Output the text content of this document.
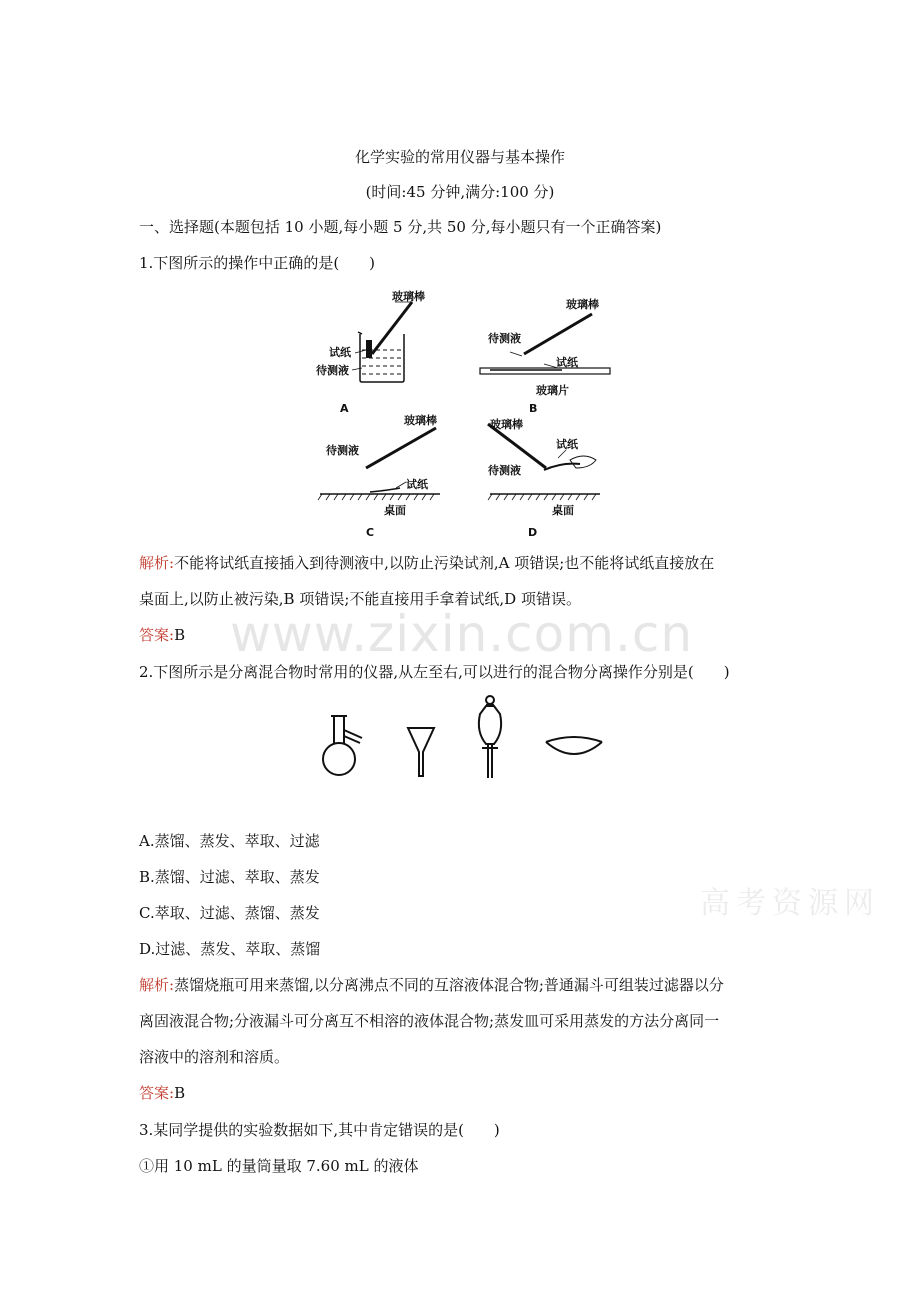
www.zixin.com.cn
高考资源网
化学实验的常用仪器与基本操作
(时间:45 分钟,满分:100 分)
一、选择题(本题包括 10 小题,每小题 5 分,共 50 分,每小题只有一个正确答案)
1.下图所示的操作中正确的是(　　)
玻璃棒
试纸
待测液
A
玻璃棒
待测液
试纸
玻璃片
B
玻璃棒
待测液
试纸
桌面
C
玻璃棒
待测液
试纸
桌面
D
解析:不能将试纸直接插入到待测液中,以防止污染试剂,A 项错误;也不能将试纸直接放在
桌面上,以防止被污染,B 项错误;不能直接用手拿着试纸,D 项错误。
答案:B
2.下图所示是分离混合物时常用的仪器,从左至右,可以进行的混合物分离操作分别是(　　)
A.蒸馏、蒸发、萃取、过滤
B.蒸馏、过滤、萃取、蒸发
C.萃取、过滤、蒸馏、蒸发
D.过滤、蒸发、萃取、蒸馏
解析:蒸馏烧瓶可用来蒸馏,以分离沸点不同的互溶液体混合物;普通漏斗可组装过滤器以分
离固液混合物;分液漏斗可分离互不相溶的液体混合物;蒸发皿可采用蒸发的方法分离同一
溶液中的溶剂和溶质。
答案:B
3.某同学提供的实验数据如下,其中肯定错误的是(　　)
①用 10 mL 的量筒量取 7.60 mL 的液体
